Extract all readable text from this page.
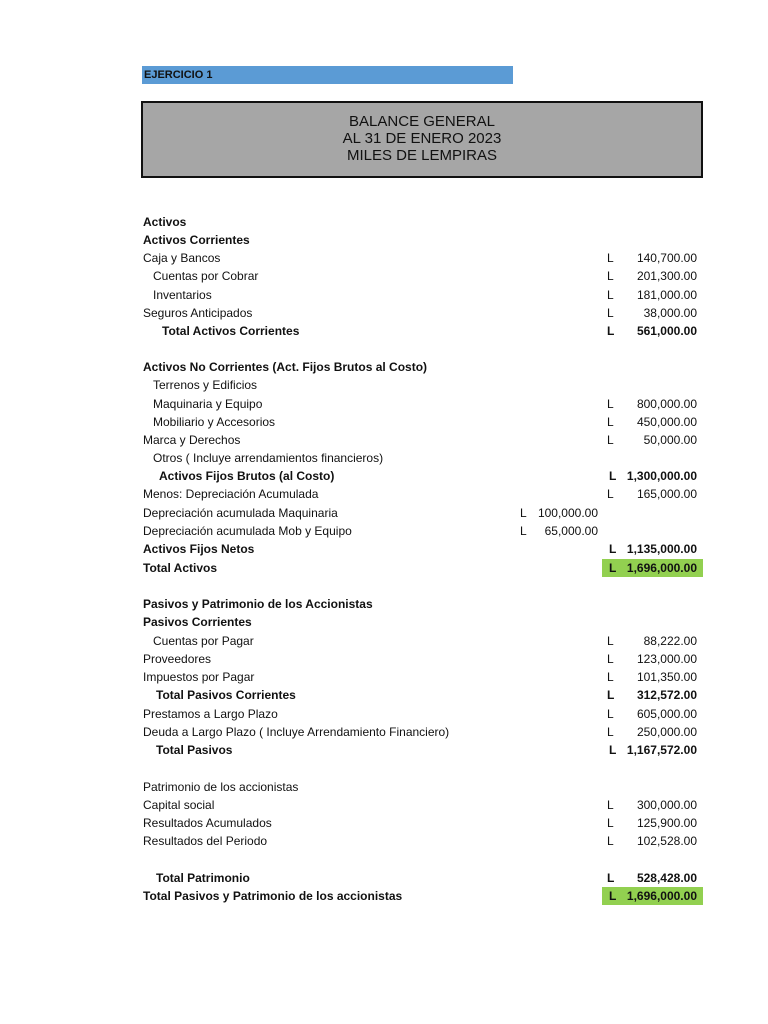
EJERCICIO 1
BALANCE GENERAL
AL 31 DE ENERO 2023
MILES DE LEMPIRAS
Activos
Activos Corrientes
Caja y Bancos	L 140,700.00
Cuentas por Cobrar	L 201,300.00
Inventarios	L 181,000.00
Seguros Anticipados	L 38,000.00
Total Activos Corrientes	L 561,000.00
Activos No Corrientes (Act. Fijos Brutos al Costo)
Terrenos y Edificios
Maquinaria y Equipo	L 800,000.00
Mobiliario y Accesorios	L 450,000.00
Marca y Derechos	L 50,000.00
Otros ( Incluye arrendamientos financieros)
Activos Fijos Brutos (al Costo)	L 1,300,000.00
Menos: Depreciación Acumulada	L 165,000.00
Depreciación acumulada Maquinaria	L 100,000.00
Depreciación acumulada Mob y Equipo	L	65,000.00
Activos Fijos Netos	L 1,135,000.00
Total Activos	L 1,696,000.00
Pasivos y Patrimonio de los Accionistas
Pasivos Corrientes
Cuentas por Pagar	L 88,222.00
Proveedores	L 123,000.00
Impuestos por Pagar	L 101,350.00
Total Pasivos Corrientes	L 312,572.00
Prestamos a Largo Plazo	L 605,000.00
Deuda a Largo Plazo ( Incluye Arrendamiento Financiero)	L 250,000.00
Total Pasivos	L 1,167,572.00
Patrimonio de los accionistas
Capital social	L 300,000.00
Resultados Acumulados	L 125,900.00
Resultados del Periodo	L 102,528.00
Total Patrimonio	L 528,428.00
Total Pasivos y Patrimonio de los accionistas	L 1,696,000.00
